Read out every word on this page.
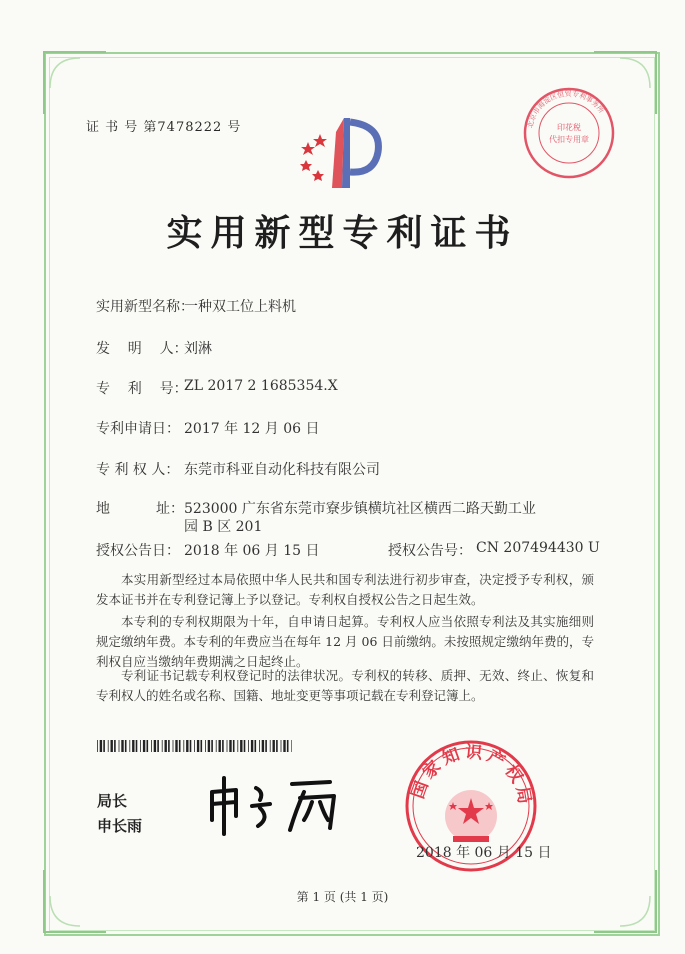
证 书 号 第7478222 号	北京市海淀区恒贸专利事务所
印花税
代扣专用章
实用新型专利证书
实用新型名称：
一种双工位上料机
发    明    人：
刘淋
专    利    号：
ZL 2017 2 1685354.X
专利申请日： 2017 年 12 月 06 日
专 利 权 人： 东莞市科亚自动化科技有限公司
地	址： 523000 广东省东莞市寮步镇横坑社区横西二路天勤工业
园 B 区 201
授权公告日： 2018 年 06 月 15 日	授权公告号： CN 207494430 U
本实用新型经过本局依照中华人民共和国专利法进行初步审查，决定授予专利权，颁发本证书并在专利登记簿上予以登记。专利权自授权公告之日起生效。
本专利的专利权期限为十年，自申请日起算。专利权人应当依照专利法及其实施细则规定缴纳年费。本专利的年费应当在每年 12 月 06 日前缴纳。未按照规定缴纳年费的，专利权自应当缴纳年费期满之日起终止。
专利证书记载专利权登记时的法律状况。专利权的转移、质押、无效、终止、恢复和专利权人的姓名或名称、国籍、地址变更等事项记载在专利登记簿上。
局长
申长雨
国家知识产权局
2018 年 06 月 15 日
第 1 页 (共 1 页)
